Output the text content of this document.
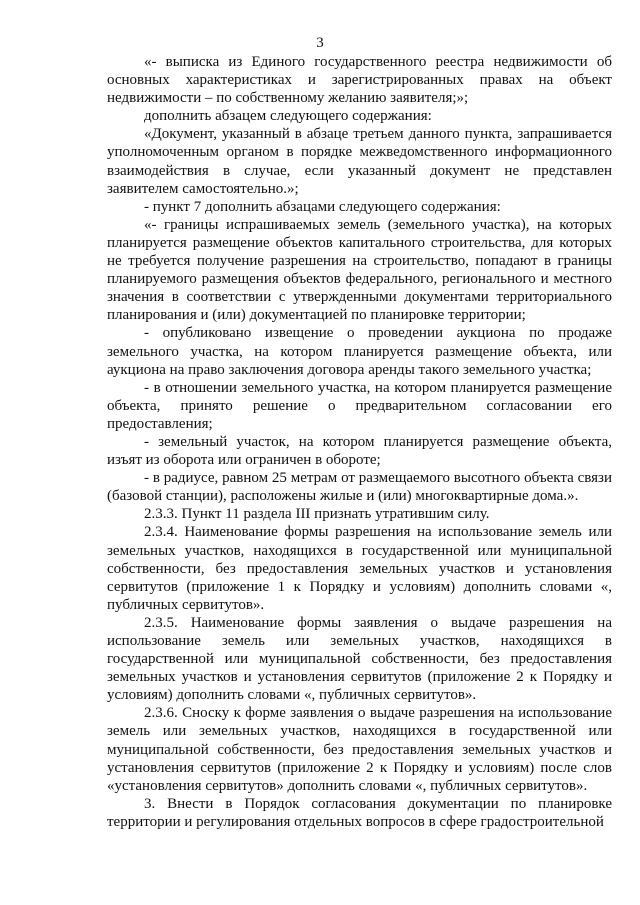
3

«- выписка из Единого государственного реестра недвижимости об основных характеристиках и зарегистрированных правах на объект недвижимости – по собственному желанию заявителя;»;

дополнить абзацем следующего содержания:

«Документ, указанный в абзаце третьем данного пункта, запрашивается уполномоченным органом в порядке межведомственного информационного взаимодействия в случае, если указанный документ не представлен заявителем самостоятельно.»;

- пункт 7 дополнить абзацами следующего содержания:

«- границы испрашиваемых земель (земельного участка), на которых планируется размещение объектов капитального строительства, для которых не требуется получение разрешения на строительство, попадают в границы планируемого размещения объектов федерального, регионального и местного значения в соответствии с утвержденными документами территориального планирования и (или) документацией по планировке территории;

- опубликовано извещение о проведении аукциона по продаже земельного участка, на котором планируется размещение объекта, или аукциона на право заключения договора аренды такого земельного участка;

- в отношении земельного участка, на котором планируется размещение объекта, принято решение о предварительном согласовании его предоставления;

- земельный участок, на котором планируется размещение объекта, изъят из оборота или ограничен в обороте;

- в радиусе, равном 25 метрам от размещаемого высотного объекта связи (базовой станции), расположены жилые и (или) многоквартирные дома.».

2.3.3. Пункт 11 раздела III признать утратившим силу.

2.3.4. Наименование формы разрешения на использование земель или земельных участков, находящихся в государственной или муниципальной собственности, без предоставления земельных участков и установления сервитутов (приложение 1 к Порядку и условиям) дополнить словами «, публичных сервитутов».

2.3.5. Наименование формы заявления о выдаче разрешения на использование земель или земельных участков, находящихся в государственной или муниципальной собственности, без предоставления земельных участков и установления сервитутов (приложение 2 к Порядку и условиям) дополнить словами «, публичных сервитутов».

2.3.6. Сноску к форме заявления о выдаче разрешения на использование земель или земельных участков, находящихся в государственной или муниципальной собственности, без предоставления земельных участков и установления сервитутов (приложение 2 к Порядку и условиям) после слов «установления сервитутов» дополнить словами «, публичных сервитутов».

3. Внести в Порядок согласования документации по планировке территории и регулирования отдельных вопросов в сфере градостроительной
